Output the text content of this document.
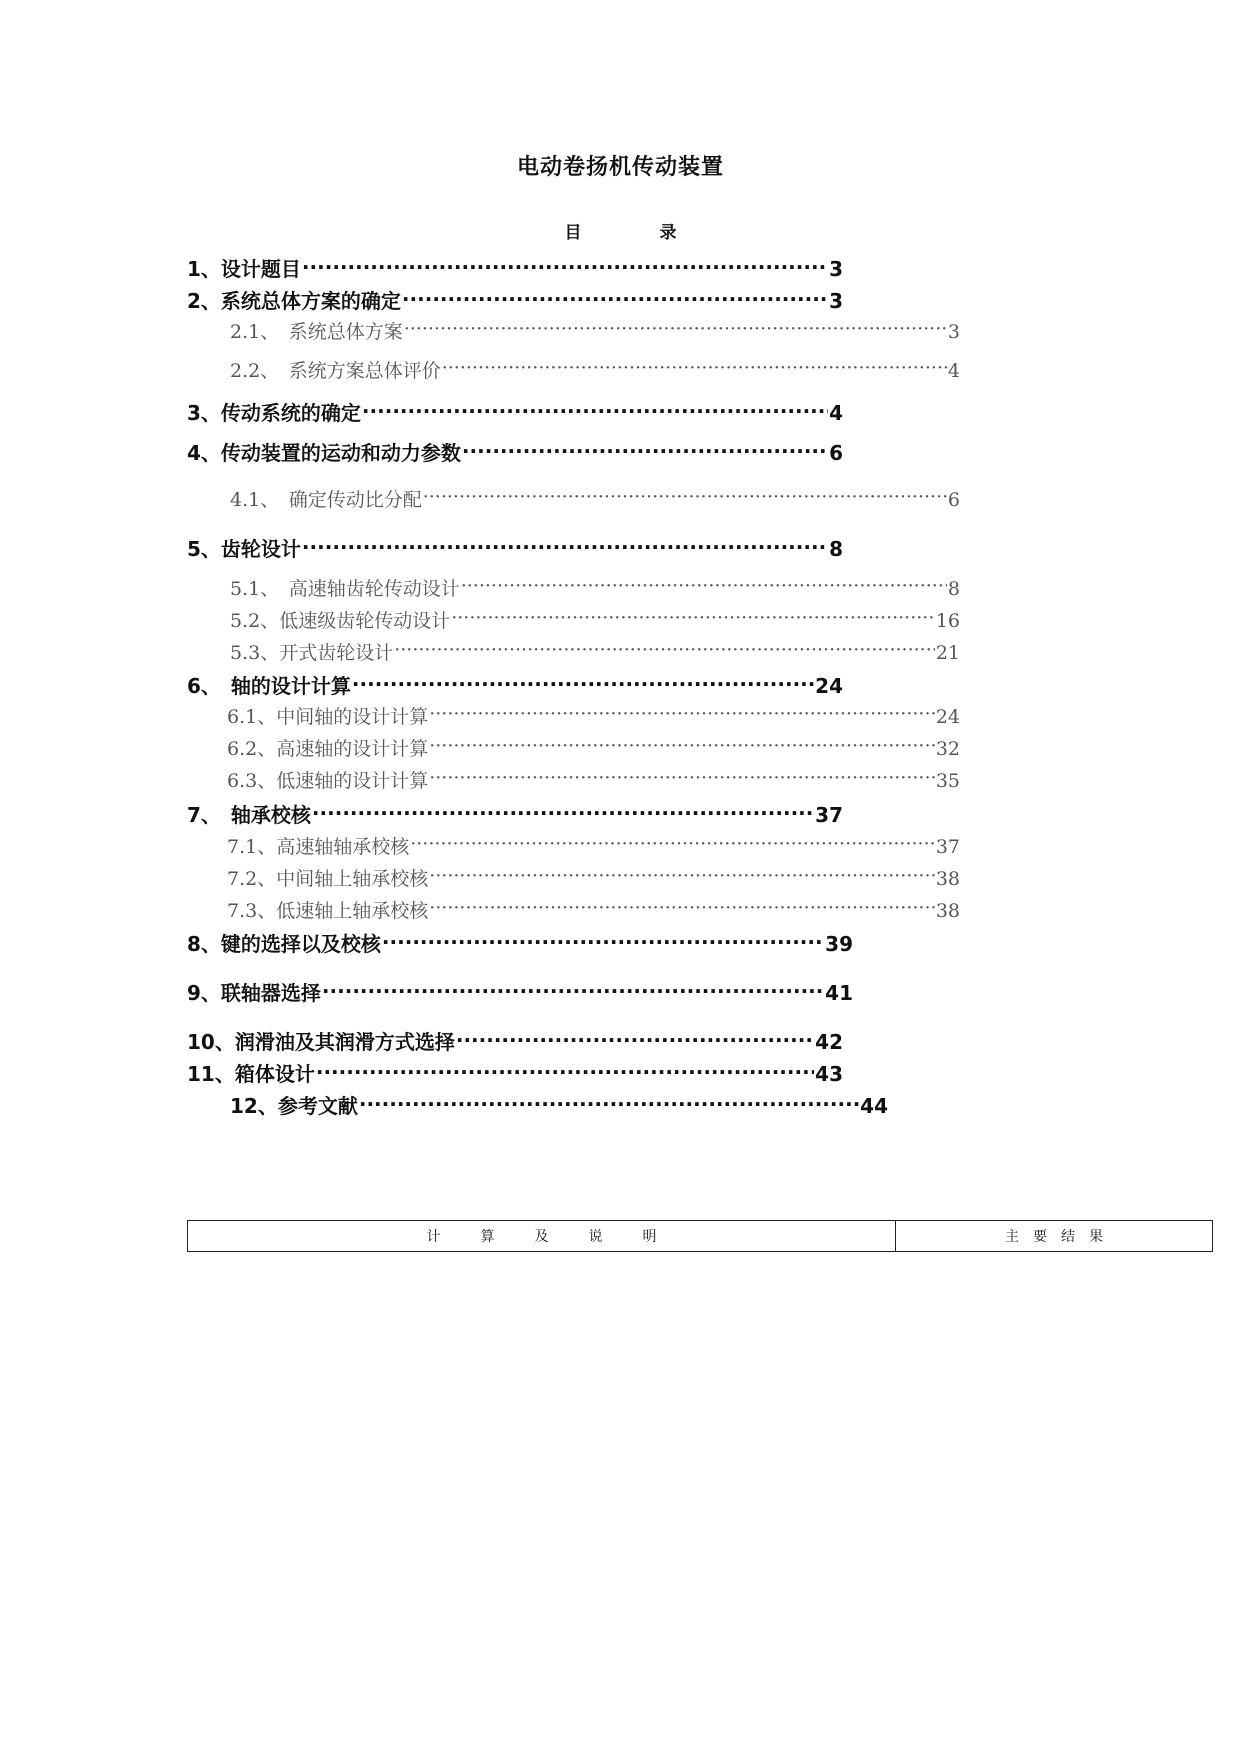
电动卷扬机传动装置
目	录
1、设计题目 ·····	3
2、系统总体方案的确定 ·····	3
2.1、　系统总体方案 ·····	3
2.2、　系统方案总体评价 ·····	4
3、传动系统的确定 ·····	4
4、传动装置的运动和动力参数 ·····	6
4.1、　确定传动比分配 ·····	6
5、齿轮设计 ·····	8
5.1、　高速轴齿轮传动设计 ·····	8
5.2、低速级齿轮传动设计 ·····	16
5.3、开式齿轮设计 ·····	21
6、　轴的设计计算 ·····	24
6.1、中间轴的设计计算 ·····	24
6.2、高速轴的设计计算 ·····	32
6.3、低速轴的设计计算 ·····	35
7、　轴承校核 ·····	37
7.1、高速轴轴承校核 ·····	37
7.2、中间轴上轴承校核 ·····	38
7.3、低速轴上轴承校核 ·····	38
8、键的选择以及校核 ·····	39
9、联轴器选择 ·····	41
10、润滑油及其润滑方式选择 ·····	42
11、箱体设计 ·····	43
12、参考文献 ·····	44
计算及说明	主要结果
